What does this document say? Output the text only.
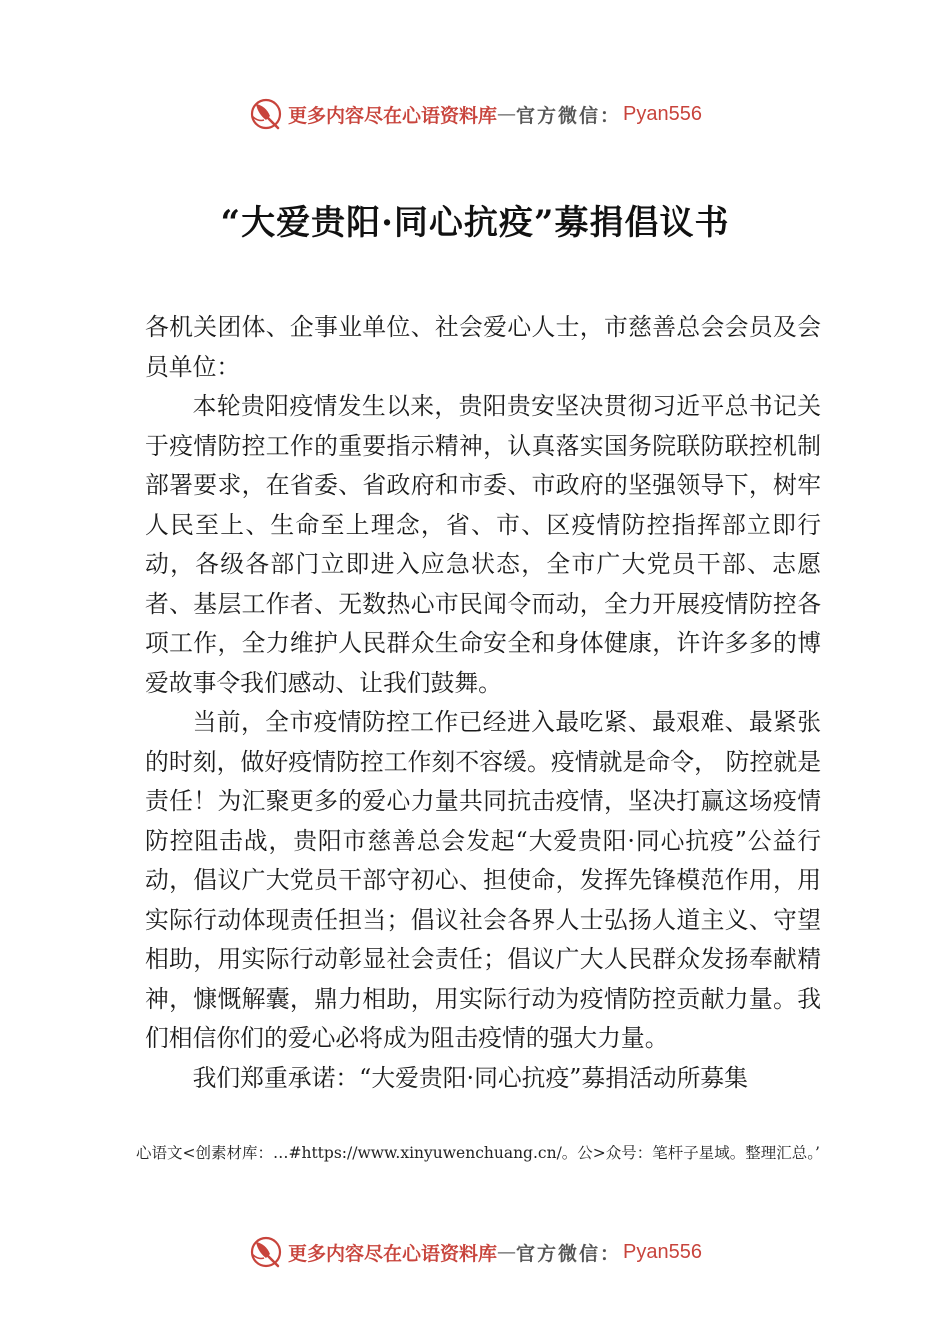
更多内容尽在心语资料库 — 官方微信： Pyan556
“大爱贵阳·同心抗疫”募捐倡议书

各机关团体、企事业单位、社会爱心人士，市慈善总会会员及会员单位：

本轮贵阳疫情发生以来，贵阳贵安坚决贯彻习近平总书记关于疫情防控工作的重要指示精神，认真落实国务院联防联控机制部署要求，在省委、省政府和市委、市政府的坚强领导下，树牢人民至上、生命至上理念，省、市、区疫情防控指挥部立即行动，各级各部门立即进入应急状态，全市广大党员干部、志愿者、基层工作者、无数热心市民闻令而动，全力开展疫情防控各项工作，全力维护人民群众生命安全和身体健康，许许多多的博爱故事令我们感动、让我们鼓舞。

当前，全市疫情防控工作已经进入最吃紧、最艰难、最紧张的时刻，做好疫情防控工作刻不容缓。疫情就是命令， 防控就是责任！为汇聚更多的爱心力量共同抗击疫情，坚决打赢这场疫情防控阻击战，贵阳市慈善总会发起“大爱贵阳·同心抗疫”公益行动，倡议广大党员干部守初心、担使命，发挥先锋模范作用，用实际行动体现责任担当；倡议社会各界人士弘扬人道主义、守望相助，用实际行动彰显社会责任；倡议广大人民群众发扬奉献精神，慷慨解囊，鼎力相助，用实际行动为疫情防控贡献力量。我们相信你们的爱心必将成为阻击疫情的强大力量。

我们郑重承诺：“大爱贵阳·同心抗疫”募捐活动所募集

心语文<创素材库：…#https://www.xinyuwenchuang.cn/。公>众号：笔杆子星域。整理汇总。’
更多内容尽在心语资料库 — 官方微信： Pyan556
